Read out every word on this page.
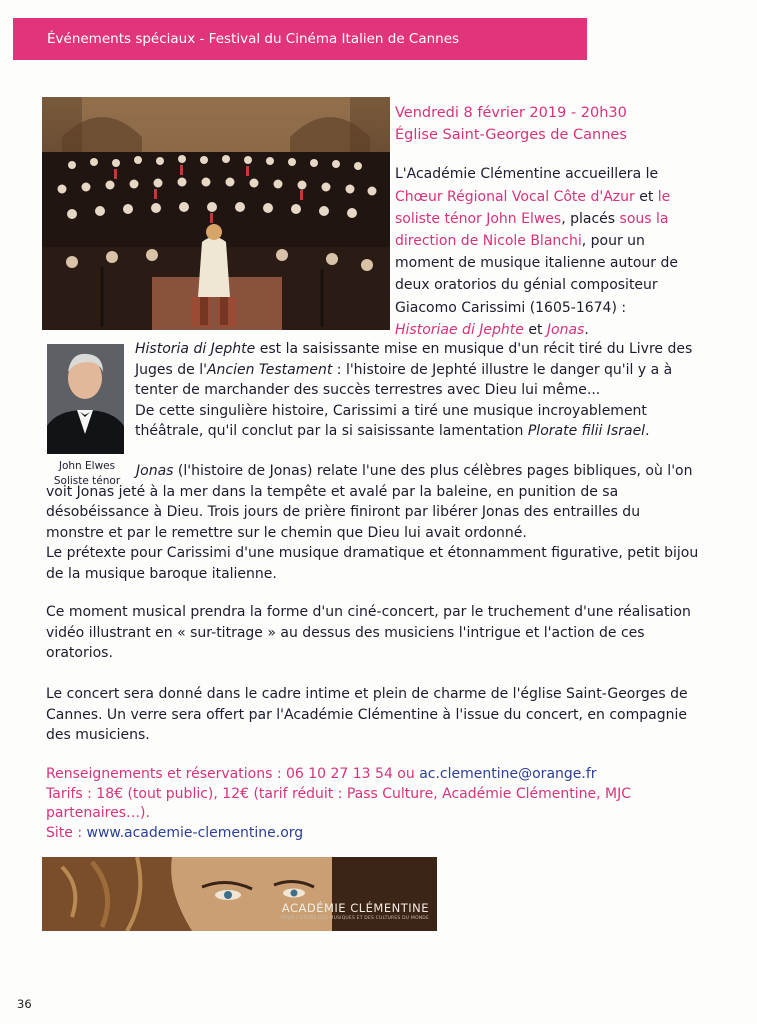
Événements spéciaux - Festival du Cinéma Italien de Cannes
Vendredi 8 février 2019 - 20h30
Église Saint-Georges de Cannes

L'Académie Clémentine accueillera le Chœur Régional Vocal Côte d'Azur et le soliste ténor John Elwes, placés sous la direction de Nicole Blanchi, pour un moment de musique italienne autour de deux oratorios du génial compositeur Giacomo Carissimi (1605-1674) : Historiae di Jephte et Jonas.

John Elwes
Soliste ténor
Historia di Jephte est la saisissante mise en musique d'un récit tiré du Livre des Juges de l'Ancien Testament : l'histoire de Jephté illustre le danger qu'il y a à tenter de marchander des succès terrestres avec Dieu lui même...
De cette singulière histoire, Carissimi a tiré une musique incroyablement théâtrale, qu'il conclut par la si saisissante lamentation Plorate filii Israel.
Jonas (l'histoire de Jonas) relate l'une des plus célèbres pages bibliques, où l'on voit Jonas jeté à la mer dans la tempête et avalé par la baleine, en punition de sa désobéissance à Dieu. Trois jours de prière finiront par libérer Jonas des entrailles du monstre et par le remettre sur le chemin que Dieu lui avait ordonné.
Le prétexte pour Carissimi d'une musique dramatique et étonnamment figurative, petit bijou de la musique baroque italienne.
Ce moment musical prendra la forme d'un ciné-concert, par le truchement d'une réalisation vidéo illustrant en « sur-titrage » au dessus des musiciens l'intrigue et l'action de ces oratorios.
Le concert sera donné dans le cadre intime et plein de charme de l'église Saint-Georges de Cannes. Un verre sera offert par l'Académie Clémentine à l'issue du concert, en compagnie des musiciens.
Renseignements et réservations : 06 10 27 13 54 ou ac.clementine@orange.fr
Tarifs : 18€ (tout public), 12€ (tarif réduit : Pass Culture, Académie Clémentine, MJC partenaires…).
Site : www.academie-clementine.org
ACADÉMIE CLÉMENTINE
POUR L'ÉTUDE DES MUSIQUES ET DES CULTURES DU MONDE
36
